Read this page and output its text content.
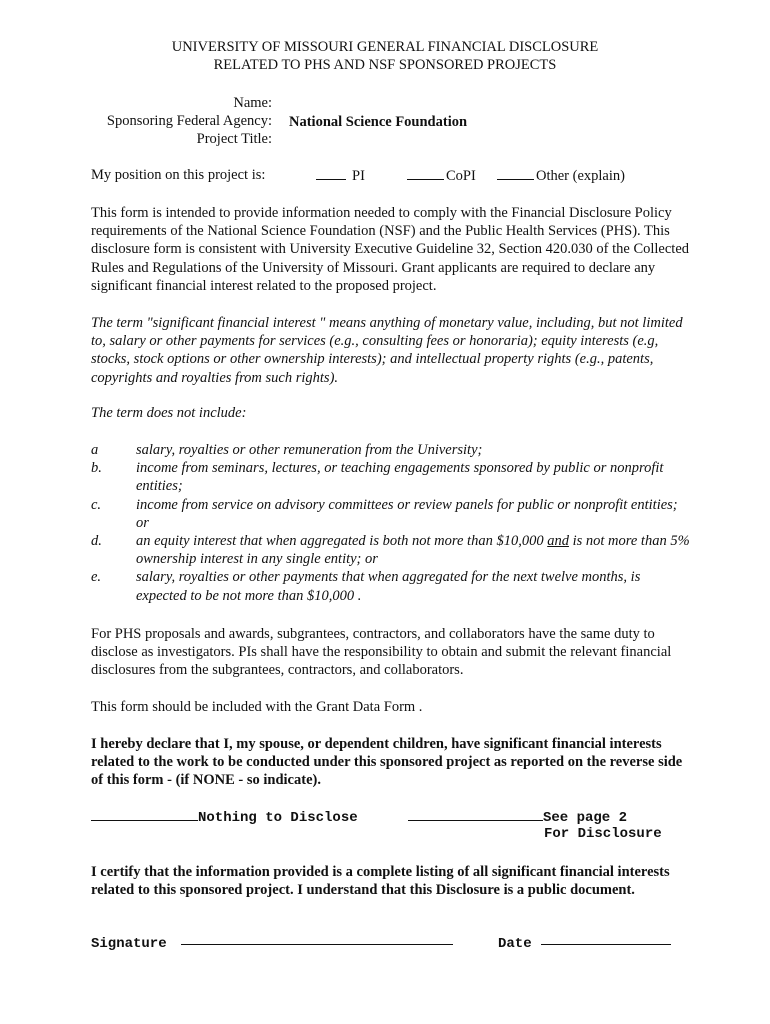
UNIVERSITY OF MISSOURI GENERAL FINANCIAL DISCLOSURE
RELATED TO PHS AND NSF SPONSORED PROJECTS
Name:
Sponsoring Federal Agency: National Science Foundation
Project Title:
My position on this project is:	PI	CoPI	Other (explain)

This form is intended to provide information needed to comply with the Financial Disclosure Policy requirements of the National Science Foundation (NSF) and the Public Health Services (PHS). This disclosure form is consistent with University Executive Guideline 32, Section 420.030 of the Collected Rules and Regulations of the University of Missouri. Grant applicants are required to declare any significant financial interest related to the proposed project.

The term "significant financial interest " means anything of monetary value, including, but not limited to, salary or other payments for services (e.g., consulting fees or honoraria); equity interests (e.g, stocks, stock options or other ownership interests); and intellectual property rights (e.g., patents, copyrights and royalties from such rights).

The term does not include:

a	salary, royalties or other remuneration from the University;
b.	income from seminars, lectures, or teaching engagements sponsored by public or nonprofit entities;
c.	income from service on advisory committees or review panels for public or nonprofit entities; or
d.	an equity interest that when aggregated is both not more than $10,000 and is not more than 5% ownership interest in any single entity; or
e.	salary, royalties or other payments that when aggregated for the next twelve months, is expected to be not more than $10,000 .

For PHS proposals and awards, subgrantees, contractors, and collaborators have the same duty to disclose as investigators. PIs shall have the responsibility to obtain and submit the relevant financial disclosures from the subgrantees, contractors, and collaborators.

This form should be included with the Grant Data Form .

I hereby declare that I, my spouse, or dependent children, have significant financial interests related to the work to be conducted under this sponsored project as reported on the reverse side of this form - (if NONE - so indicate).

Nothing to Disclose	See page 2
For Disclosure

I certify that the information provided is a complete listing of all significant financial interests related to this sponsored project. I understand that this Disclosure is a public document.

Signature	Date
